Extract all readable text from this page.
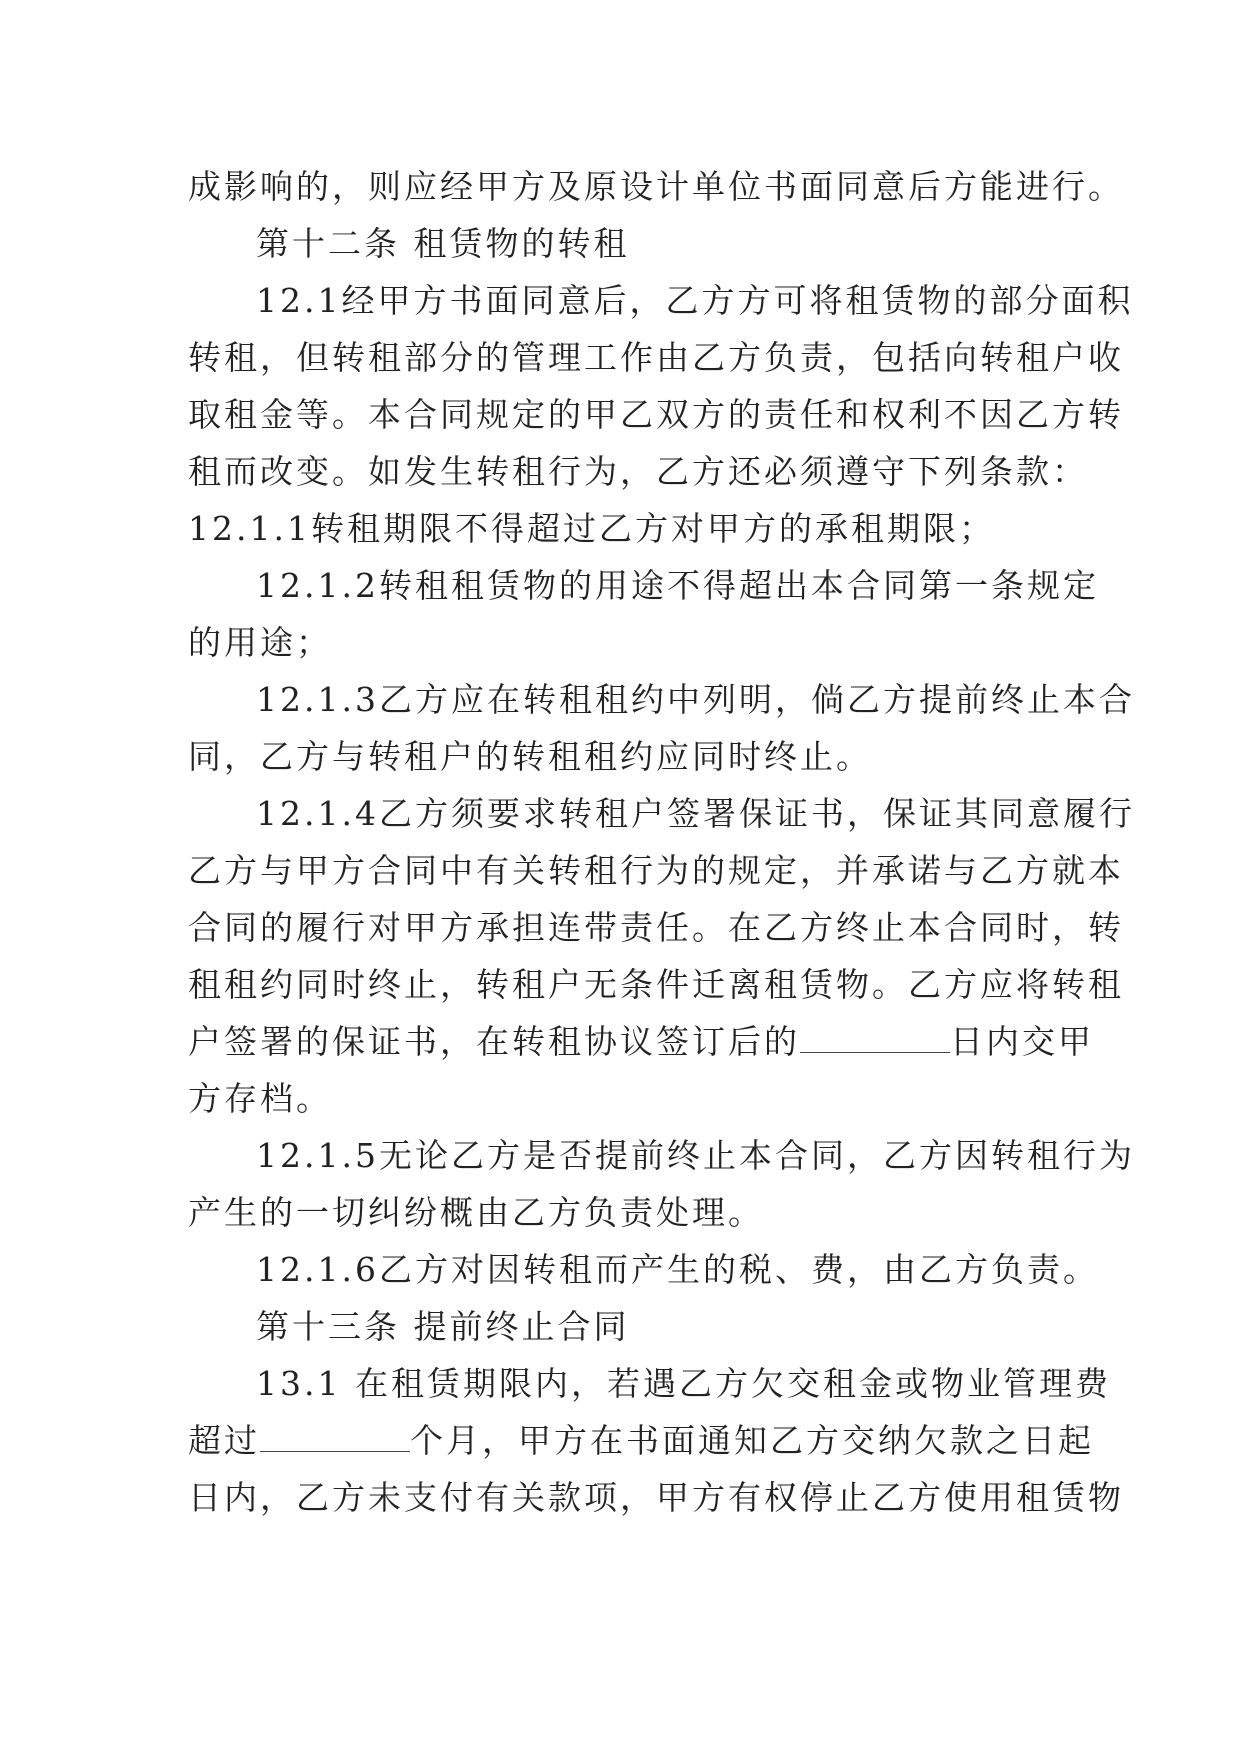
成影响的，则应经甲方及原设计单位书面同意后方能进行。
第十二条 租赁物的转租
12.1经甲方书面同意后，乙方方可将租赁物的部分面积
转租，但转租部分的管理工作由乙方负责，包括向转租户收
取租金等。本合同规定的甲乙双方的责任和权利不因乙方转
租而改变。如发生转租行为，乙方还必须遵守下列条款：
12.1.1转租期限不得超过乙方对甲方的承租期限；
12.1.2转租租赁物的用途不得超出本合同第一条规定
的用途；
12.1.3乙方应在转租租约中列明，倘乙方提前终止本合
同，乙方与转租户的转租租约应同时终止。
12.1.4乙方须要求转租户签署保证书，保证其同意履行
乙方与甲方合同中有关转租行为的规定，并承诺与乙方就本
合同的履行对甲方承担连带责任。在乙方终止本合同时，转
租租约同时终止，转租户无条件迁离租赁物。乙方应将转租
户签署的保证书，在转租协议签订后的	日内交甲
方存档。
12.1.5无论乙方是否提前终止本合同，乙方因转租行为
产生的一切纠纷概由乙方负责处理。
12.1.6乙方对因转租而产生的税、费，由乙方负责。
第十三条 提前终止合同
13.1 在租赁期限内，若遇乙方欠交租金或物业管理费
超过	个月，甲方在书面通知乙方交纳欠款之日起
日内，乙方未支付有关款项，甲方有权停止乙方使用租赁物
